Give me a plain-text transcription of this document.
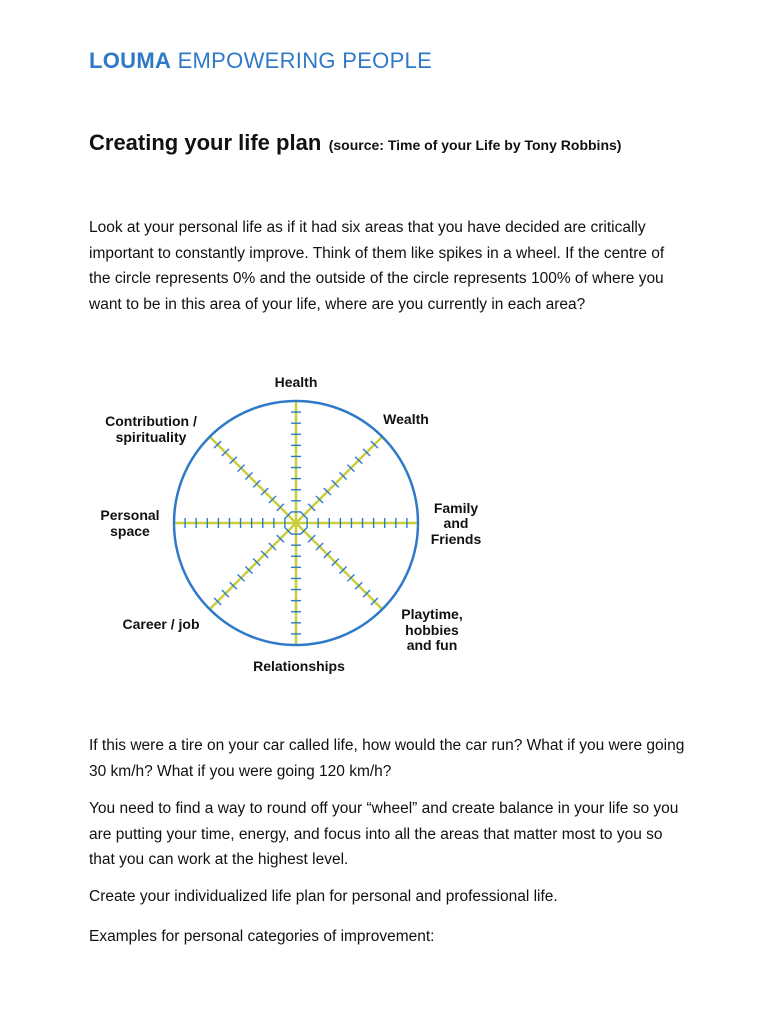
LOUMA EMPOWERING PEOPLE
Creating your life plan (source: Time of your Life by Tony Robbins)

Look at your personal life as if it had six areas that you have decided are critically important to constantly improve. Think of them like spikes in a wheel. If the centre of the circle represents 0% and the outside of the circle represents 100% of where you want to be in this area of your life, where are you currently in each area?

Health
Wealth
Family
and
Friends
Playtime,
hobbies
and fun
Relationships
Career / job
Personal
space
Contribution /
spirituality

If this were a tire on your car called life, how would the car run? What if you were going 30 km/h? What if you were going 120 km/h?

You need to find a way to round off your “wheel” and create balance in your life so you are putting your time, energy, and focus into all the areas that matter most to you so that you can work at the highest level.

Create your individualized life plan for personal and professional life.

Examples for personal categories of improvement:
